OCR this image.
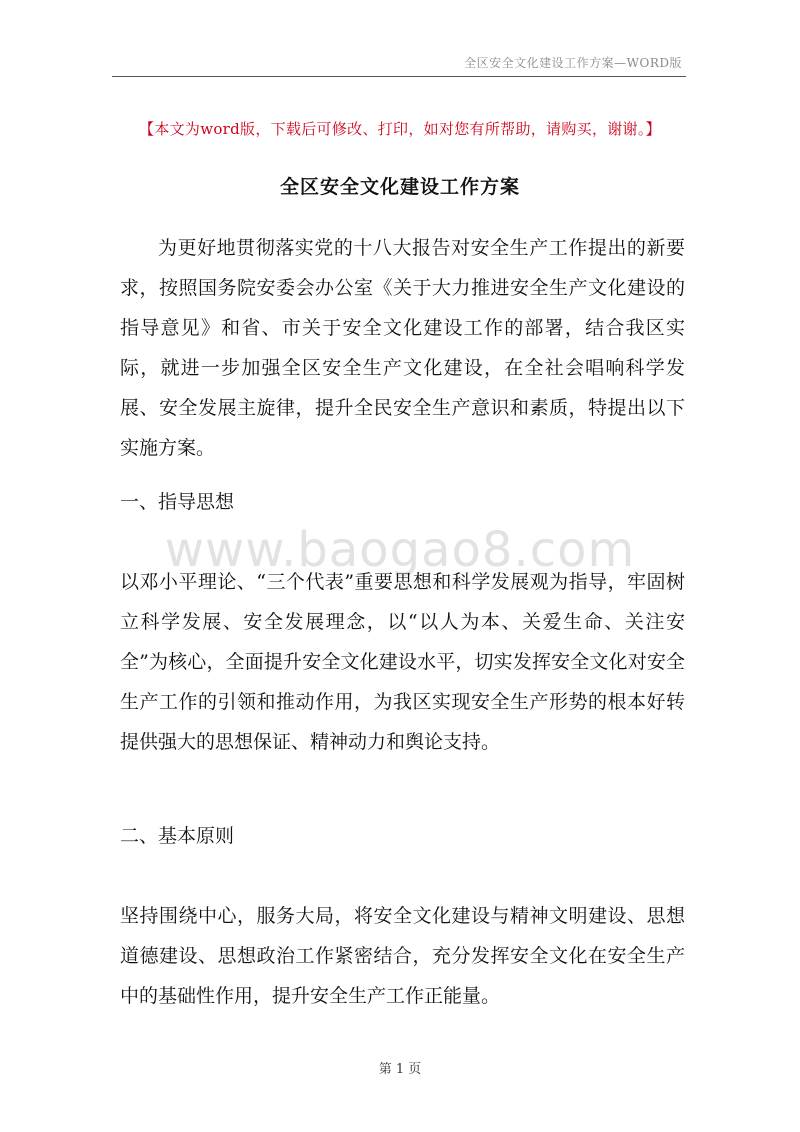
全区安全文化建设工作方案—WORD版
【本文为word版，下载后可修改、打印，如对您有所帮助，请购买，谢谢。】
全区安全文化建设工作方案

为更好地贯彻落实党的十八大报告对安全生产工作提出的新要求，按照国务院安委会办公室《关于大力推进安全生产文化建设的指导意见》和省、市关于安全文化建设工作的部署，结合我区实际，就进一步加强全区安全生产文化建设，在全社会唱响科学发展、安全发展主旋律，提升全民安全生产意识和素质，特提出以下实施方案。

一、指导思想
www.baogao8.com

以邓小平理论、“三个代表”重要思想和科学发展观为指导，牢固树立科学发展、安全发展理念，以“以人为本、关爱生命、关注安全”为核心，全面提升安全文化建设水平，切实发挥安全文化对安全生产工作的引领和推动作用，为我区实现安全生产形势的根本好转提供强大的思想保证、精神动力和舆论支持。

二、基本原则

坚持围绕中心，服务大局，将安全文化建设与精神文明建设、思想道德建设、思想政治工作紧密结合，充分发挥安全文化在安全生产中的基础性作用，提升安全生产工作正能量。

第 1 页
